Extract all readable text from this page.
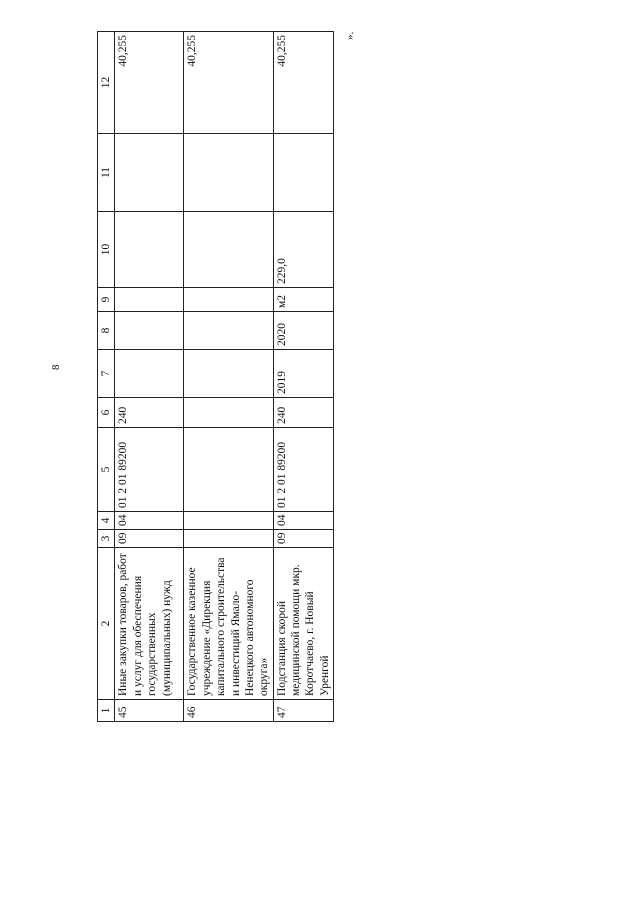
8
».
1	2	3	4	5	6	7	8	9	10	11	12
45	Иные закупки товаров, работ и услуг для обеспечения государственных (муниципальных) нужд	09	04	01 2 01 89200	240						40,255
46	Государственное казенное учреждение «Дирекция капитального строительства и инвестиций Ямало-Ненецкого автономного округа»										40,255
47	Подстанция скорой медицинской помощи мкр. Коротчаево, г. Новый Уренгой	09	04	01 2 01 89200	240	2019	2020	м2	229,0		40,255
